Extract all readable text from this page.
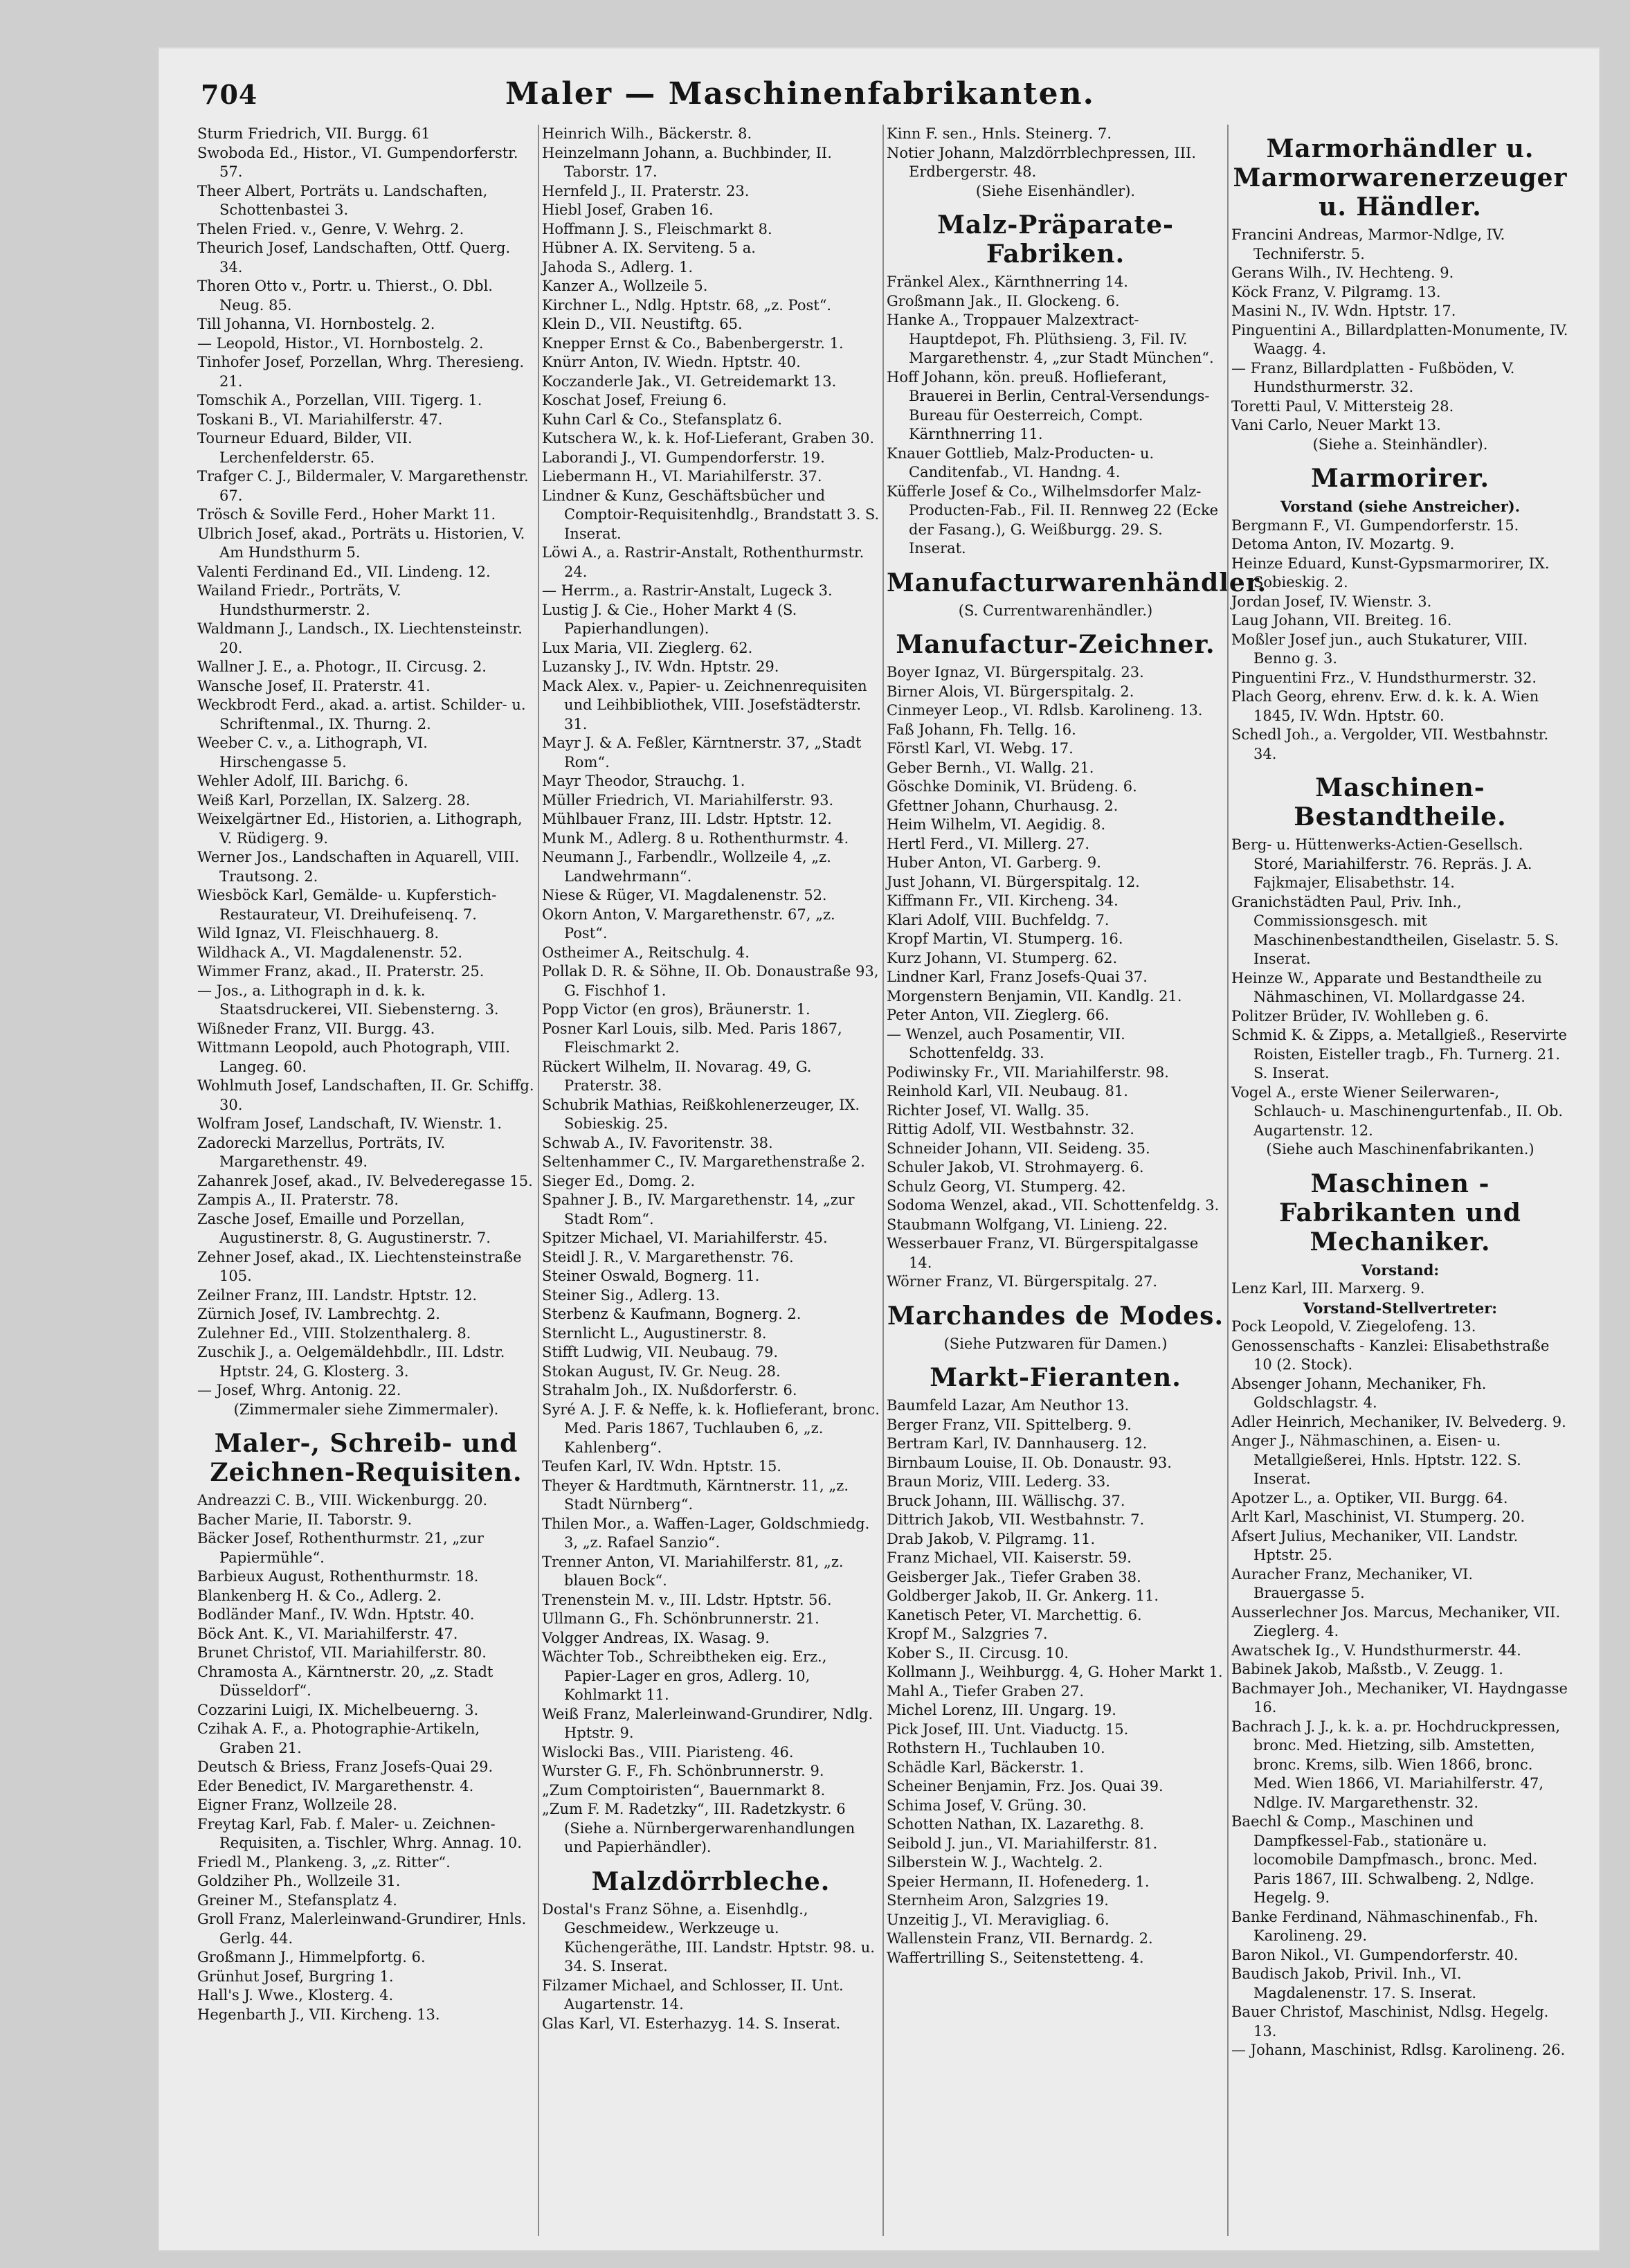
704	Maler — Maschinenfabrikanten.
Sturm Friedrich, VII. Burgg. 61
Swoboda Ed., Histor., VI. Gumpendorferstr. 57.
Theer Albert, Porträts u. Landschaften, Schottenbastei 3.
Thelen Fried. v., Genre, V. Wehrg. 2.
Theurich Josef, Landschaften, Ottf. Querg. 34.
Thoren Otto v., Portr. u. Thierst., O. Dbl. Neug. 85.
Till Johanna, VI. Hornbostelg. 2.
— Leopold, Histor., VI. Hornbostelg. 2.
Tinhofer Josef, Porzellan, Whrg. Theresieng. 21.
Tomschik A., Porzellan, VIII. Tigerg. 1.
Toskani B., VI. Mariahilferstr. 47.
Tourneur Eduard, Bilder, VII. Lerchenfelderstr. 65.
Trafger C. J., Bildermaler, V. Margarethenstr. 67.
Trösch & Soville Ferd., Hoher Markt 11.
Ulbrich Josef, akad., Porträts u. Historien, V. Am Hundsthurm 5.
Valenti Ferdinand Ed., VII. Lindeng. 12.
Wailand Friedr., Porträts, V. Hundsthurmerstr. 2.
Waldmann J., Landsch., IX. Liechtensteinstr. 20.
Wallner J. E., a. Photogr., II. Circusg. 2.
Wansche Josef, II. Praterstr. 41.
Weckbrodt Ferd., akad. a. artist. Schilder- u. Schriftenmal., IX. Thurng. 2.
Weeber C. v., a. Lithograph, VI. Hirschengasse 5.
Wehler Adolf, III. Barichg. 6.
Weiß Karl, Porzellan, IX. Salzerg. 28.
Weixelgärtner Ed., Historien, a. Lithograph, V. Rüdigerg. 9.
Werner Jos., Landschaften in Aquarell, VIII. Trautsong. 2.
Wiesböck Karl, Gemälde- u. Kupferstich-Restaurateur, VI. Dreihufeisenq. 7.
Wild Ignaz, VI. Fleischhauerg. 8.
Wildhack A., VI. Magdalenenstr. 52.
Wimmer Franz, akad., II. Praterstr. 25.
— Jos., a. Lithograph in d. k. k. Staatsdruckerei, VII. Siebensterng. 3.
Wißneder Franz, VII. Burgg. 43.
Wittmann Leopold, auch Photograph, VIII. Langeg. 60.
Wohlmuth Josef, Landschaften, II. Gr. Schiffg. 30.
Wolfram Josef, Landschaft, IV. Wienstr. 1.
Zadorecki Marzellus, Porträts, IV. Margarethenstr. 49.
Zahanrek Josef, akad., IV. Belvederegasse 15.
Zampis A., II. Praterstr. 78.
Zasche Josef, Emaille und Porzellan, Augustinerstr. 8, G. Augustinerstr. 7.
Zehner Josef, akad., IX. Liechtensteinstraße 105.
Zeilner Franz, III. Landstr. Hptstr. 12.
Zürnich Josef, IV. Lambrechtg. 2.
Zulehner Ed., VIII. Stolzenthalerg. 8.
Zuschik J., a. Oelgemäldehbdlr., III. Ldstr. Hptstr. 24, G. Klosterg. 3.
— Josef, Whrg. Antonig. 22.
(Zimmermaler siehe Zimmermaler).
Maler-, Schreib- und Zeichnen-Requisiten.
Andreazzi C. B., VIII. Wickenburgg. 20.
Bacher Marie, II. Taborstr. 9.
Bäcker Josef, Rothenthurmstr. 21, „zur Papiermühle“.
Barbieux August, Rothenthurmstr. 18.
Blankenberg H. & Co., Adlerg. 2.
Bodländer Manf., IV. Wdn. Hptstr. 40.
Böck Ant. K., VI. Mariahilferstr. 47.
Brunet Christof, VII. Mariahilferstr. 80.
Chramosta A., Kärntnerstr. 20, „z. Stadt Düsseldorf“.
Cozzarini Luigi, IX. Michelbeuerng. 3.
Czihak A. F., a. Photographie-Artikeln, Graben 21.
Deutsch & Briess, Franz Josefs-Quai 29.
Eder Benedict, IV. Margarethenstr. 4.
Eigner Franz, Wollzeile 28.
Freytag Karl, Fab. f. Maler- u. Zeichnen-Requisiten, a. Tischler, Whrg. Annag. 10.
Friedl M., Plankeng. 3, „z. Ritter“.
Goldziher Ph., Wollzeile 31.
Greiner M., Stefansplatz 4.
Groll Franz, Malerleinwand-Grundirer, Hnls. Gerlg. 44.
Großmann J., Himmelpfortg. 6.
Grünhut Josef, Burgring 1.
Hall's J. Wwe., Klosterg. 4.
Hegenbarth J., VII. Kircheng. 13.
Heinrich Wilh., Bäckerstr. 8.
Heinzelmann Johann, a. Buchbinder, II. Taborstr. 17.
Hernfeld J., II. Praterstr. 23.
Hiebl Josef, Graben 16.
Hoffmann J. S., Fleischmarkt 8.
Hübner A. IX. Serviteng. 5 a.
Jahoda S., Adlerg. 1.
Kanzer A., Wollzeile 5.
Kirchner L., Ndlg. Hptstr. 68, „z. Post“.
Klein D., VII. Neustiftg. 65.
Knepper Ernst & Co., Babenbergerstr. 1.
Knürr Anton, IV. Wiedn. Hptstr. 40.
Koczanderle Jak., VI. Getreidemarkt 13.
Koschat Josef, Freiung 6.
Kuhn Carl & Co., Stefansplatz 6.
Kutschera W., k. k. Hof-Lieferant, Graben 30.
Laborandi J., VI. Gumpendorferstr. 19.
Liebermann H., VI. Mariahilferstr. 37.
Lindner & Kunz, Geschäftsbücher und Comptoir-Requisitenhdlg., Brandstatt 3. S. Inserat.
Löwi A., a. Rastrir-Anstalt, Rothenthurmstr. 24.
— Herrm., a. Rastrir-Anstalt, Lugeck 3.
Lustig J. & Cie., Hoher Markt 4 (S. Papierhandlungen).
Lux Maria, VII. Zieglerg. 62.
Luzansky J., IV. Wdn. Hptstr. 29.
Mack Alex. v., Papier- u. Zeichnenrequisiten und Leihbibliothek, VIII. Josefstädterstr. 31.
Mayr J. & A. Feßler, Kärntnerstr. 37, „Stadt Rom“.
Mayr Theodor, Strauchg. 1.
Müller Friedrich, VI. Mariahilferstr. 93.
Mühlbauer Franz, III. Ldstr. Hptstr. 12.
Munk M., Adlerg. 8 u. Rothenthurmstr. 4.
Neumann J., Farbendlr., Wollzeile 4, „z. Landwehrmann“.
Niese & Rüger, VI. Magdalenenstr. 52.
Okorn Anton, V. Margarethenstr. 67, „z. Post“.
Ostheimer A., Reitschulg. 4.
Pollak D. R. & Söhne, II. Ob. Donaustraße 93, G. Fischhof 1.
Popp Victor (en gros), Bräunerstr. 1.
Posner Karl Louis, silb. Med. Paris 1867, Fleischmarkt 2.
Rückert Wilhelm, II. Novarag. 49, G. Praterstr. 38.
Schubrik Mathias, Reißkohlenerzeuger, IX. Sobieskig. 25.
Schwab A., IV. Favoritenstr. 38.
Seltenhammer C., IV. Margarethenstraße 2.
Sieger Ed., Domg. 2.
Spahner J. B., IV. Margarethenstr. 14, „zur Stadt Rom“.
Spitzer Michael, VI. Mariahilferstr. 45.
Steidl J. R., V. Margarethenstr. 76.
Steiner Oswald, Bognerg. 11.
Steiner Sig., Adlerg. 13.
Sterbenz & Kaufmann, Bognerg. 2.
Sternlicht L., Augustinerstr. 8.
Stifft Ludwig, VII. Neubaug. 79.
Stokan August, IV. Gr. Neug. 28.
Strahalm Joh., IX. Nußdorferstr. 6.
Syré A. J. F. & Neffe, k. k. Hoflieferant, bronc. Med. Paris 1867, Tuchlauben 6, „z. Kahlenberg“.
Teufen Karl, IV. Wdn. Hptstr. 15.
Theyer & Hardtmuth, Kärntnerstr. 11, „z. Stadt Nürnberg“.
Thilen Mor., a. Waffen-Lager, Goldschmiedg. 3, „z. Rafael Sanzio“.
Trenner Anton, VI. Mariahilferstr. 81, „z. blauen Bock“.
Trenenstein M. v., III. Ldstr. Hptstr. 56.
Ullmann G., Fh. Schönbrunnerstr. 21.
Volgger Andreas, IX. Wasag. 9.
Wächter Tob., Schreibtheken eig. Erz., Papier-Lager en gros, Adlerg. 10, Kohlmarkt 11.
Weiß Franz, Malerleinwand-Grundirer, Ndlg. Hptstr. 9.
Wislocki Bas., VIII. Piaristeng. 46.
Wurster G. F., Fh. Schönbrunnerstr. 9.
„Zum Comptoiristen“, Bauernmarkt 8.
„Zum F. M. Radetzky“, III. Radetzkystr. 6 (Siehe a. Nürnbergerwarenhandlungen und Papierhändler).
Malzdörrbleche.
Dostal's Franz Söhne, a. Eisenhdlg., Geschmeidew., Werkzeuge u. Küchengeräthe, III. Landstr. Hptstr. 98. u. 34. S. Inserat.
Filzamer Michael, and Schlosser, II. Unt. Augartenstr. 14.
Glas Karl, VI. Esterhazyg. 14. S. Inserat.
Kinn F. sen., Hnls. Steinerg. 7.
Notier Johann, Malzdörrblechpressen, III. Erdbergerstr. 48.
(Siehe Eisenhändler).
Malz-Präparate-Fabriken.
Fränkel Alex., Kärnthnerring 14.
Großmann Jak., II. Glockeng. 6.
Hanke A., Troppauer Malzextract-Hauptdepot, Fh. Plüthsieng. 3, Fil. IV. Margarethenstr. 4, „zur Stadt München“.
Hoff Johann, kön. preuß. Hoflieferant, Brauerei in Berlin, Central-Versendungs-Bureau für Oesterreich, Compt. Kärnthnerring 11.
Knauer Gottlieb, Malz-Producten- u. Canditenfab., VI. Handng. 4.
Küfferle Josef & Co., Wilhelmsdorfer Malz-Producten-Fab., Fil. II. Rennweg 22 (Ecke der Fasang.), G. Weißburgg. 29. S. Inserat.
Manufacturwarenhändler.
(S. Currentwarenhändler.)
Manufactur-Zeichner.
Boyer Ignaz, VI. Bürgerspitalg. 23.
Birner Alois, VI. Bürgerspitalg. 2.
Cinmeyer Leop., VI. Rdlsb. Karolineng. 13.
Faß Johann, Fh. Tellg. 16.
Förstl Karl, VI. Webg. 17.
Geber Bernh., VI. Wallg. 21.
Göschke Dominik, VI. Brüdeng. 6.
Gfettner Johann, Churhausg. 2.
Heim Wilhelm, VI. Aegidig. 8.
Hertl Ferd., VI. Millerg. 27.
Huber Anton, VI. Garberg. 9.
Just Johann, VI. Bürgerspitalg. 12.
Kiffmann Fr., VII. Kircheng. 34.
Klari Adolf, VIII. Buchfeldg. 7.
Kropf Martin, VI. Stumperg. 16.
Kurz Johann, VI. Stumperg. 62.
Lindner Karl, Franz Josefs-Quai 37.
Morgenstern Benjamin, VII. Kandlg. 21.
Peter Anton, VII. Zieglerg. 66.
— Wenzel, auch Posamentir, VII. Schottenfeldg. 33.
Podiwinsky Fr., VII. Mariahilferstr. 98.
Reinhold Karl, VII. Neubaug. 81.
Richter Josef, VI. Wallg. 35.
Rittig Adolf, VII. Westbahnstr. 32.
Schneider Johann, VII. Seideng. 35.
Schuler Jakob, VI. Strohmayerg. 6.
Schulz Georg, VI. Stumperg. 42.
Sodoma Wenzel, akad., VII. Schottenfeldg. 3.
Staubmann Wolfgang, VI. Linieng. 22.
Wesserbauer Franz, VI. Bürgerspitalgasse 14.
Wörner Franz, VI. Bürgerspitalg. 27.
Marchandes de Modes.
(Siehe Putzwaren für Damen.)
Markt-Fieranten.
Baumfeld Lazar, Am Neuthor 13.
Berger Franz, VII. Spittelberg. 9.
Bertram Karl, IV. Dannhauserg. 12.
Birnbaum Louise, II. Ob. Donaustr. 93.
Braun Moriz, VIII. Lederg. 33.
Bruck Johann, III. Wällischg. 37.
Dittrich Jakob, VII. Westbahnstr. 7.
Drab Jakob, V. Pilgramg. 11.
Franz Michael, VII. Kaiserstr. 59.
Geisberger Jak., Tiefer Graben 38.
Goldberger Jakob, II. Gr. Ankerg. 11.
Kanetisch Peter, VI. Marchettig. 6.
Kropf M., Salzgries 7.
Kober S., II. Circusg. 10.
Kollmann J., Weihburgg. 4, G. Hoher Markt 1.
Mahl A., Tiefer Graben 27.
Michel Lorenz, III. Ungarg. 19.
Pick Josef, III. Unt. Viaductg. 15.
Rothstern H., Tuchlauben 10.
Schädle Karl, Bäckerstr. 1.
Scheiner Benjamin, Frz. Jos. Quai 39.
Schima Josef, V. Grüng. 30.
Schotten Nathan, IX. Lazarethg. 8.
Seibold J. jun., VI. Mariahilferstr. 81.
Silberstein W. J., Wachtelg. 2.
Speier Hermann, II. Hofenederg. 1.
Sternheim Aron, Salzgries 19.
Unzeitig J., VI. Meravigliag. 6.
Wallenstein Franz, VII. Bernardg. 2.
Waffertrilling S., Seitenstetteng. 4.
Marmorhändler u. Marmorwarenerzeuger u. Händler.
Francini Andreas, Marmor-Ndlge, IV. Techniferstr. 5.
Gerans Wilh., IV. Hechteng. 9.
Köck Franz, V. Pilgramg. 13.
Masini N., IV. Wdn. Hptstr. 17.
Pinguentini A., Billardplatten-Monumente, IV. Waagg. 4.
— Franz, Billardplatten - Fußböden, V. Hundsthurmerstr. 32.
Toretti Paul, V. Mittersteig 28.
Vani Carlo, Neuer Markt 13.
(Siehe a. Steinhändler).
Marmorirer.
Vorstand (siehe Anstreicher).
Bergmann F., VI. Gumpendorferstr. 15.
Detoma Anton, IV. Mozartg. 9.
Heinze Eduard, Kunst-Gypsmarmorirer, IX. Sobieskig. 2.
Jordan Josef, IV. Wienstr. 3.
Laug Johann, VII. Breiteg. 16.
Moßler Josef jun., auch Stukaturer, VIII. Benno g. 3.
Pinguentini Frz., V. Hundsthurmerstr. 32.
Plach Georg, ehrenv. Erw. d. k. k. A. Wien 1845, IV. Wdn. Hptstr. 60.
Schedl Joh., a. Vergolder, VII. Westbahnstr. 34.
Maschinen-Bestandtheile.
Berg- u. Hüttenwerks-Actien-Gesellsch. Storé, Mariahilferstr. 76. Repräs. J. A. Fajkmajer, Elisabethstr. 14.
Granichstädten Paul, Priv. Inh., Commissionsgesch. mit Maschinenbestandtheilen, Giselastr. 5. S. Inserat.
Heinze W., Apparate und Bestandtheile zu Nähmaschinen, VI. Mollardgasse 24.
Politzer Brüder, IV. Wohlleben g. 6.
Schmid K. & Zipps, a. Metallgieß., Reservirte Roisten, Eisteller tragb., Fh. Turnerg. 21. S. Inserat.
Vogel A., erste Wiener Seilerwaren-, Schlauch- u. Maschinengurtenfab., II. Ob. Augartenstr. 12.
(Siehe auch Maschinenfabrikanten.)
Maschinen - Fabrikanten und Mechaniker.
Vorstand:
Lenz Karl, III. Marxerg. 9.
Vorstand-Stellvertreter:
Pock Leopold, V. Ziegelofeng. 13.
Genossenschafts - Kanzlei: Elisabethstraße 10 (2. Stock).
Absenger Johann, Mechaniker, Fh. Goldschlagstr. 4.
Adler Heinrich, Mechaniker, IV. Belvederg. 9.
Anger J., Nähmaschinen, a. Eisen- u. Metallgießerei, Hnls. Hptstr. 122. S. Inserat.
Apotzer L., a. Optiker, VII. Burgg. 64.
Arlt Karl, Maschinist, VI. Stumperg. 20.
Afsert Julius, Mechaniker, VII. Landstr. Hptstr. 25.
Auracher Franz, Mechaniker, VI. Brauergasse 5.
Ausserlechner Jos. Marcus, Mechaniker, VII. Zieglerg. 4.
Awatschek Ig., V. Hundsthurmerstr. 44.
Babinek Jakob, Maßstb., V. Zeugg. 1.
Bachmayer Joh., Mechaniker, VI. Haydngasse 16.
Bachrach J. J., k. k. a. pr. Hochdruckpressen, bronc. Med. Hietzing, silb. Amstetten, bronc. Krems, silb. Wien 1866, bronc. Med. Wien 1866, VI. Mariahilferstr. 47, Ndlge. IV. Margarethenstr. 32.
Baechl & Comp., Maschinen und Dampfkessel-Fab., stationäre u. locomobile Dampfmasch., bronc. Med. Paris 1867, III. Schwalbeng. 2, Ndlge. Hegelg. 9.
Banke Ferdinand, Nähmaschinenfab., Fh. Karolineng. 29.
Baron Nikol., VI. Gumpendorferstr. 40.
Baudisch Jakob, Privil. Inh., VI. Magdalenenstr. 17. S. Inserat.
Bauer Christof, Maschinist, Ndlsg. Hegelg. 13.
— Johann, Maschinist, Rdlsg. Karolineng. 26.
